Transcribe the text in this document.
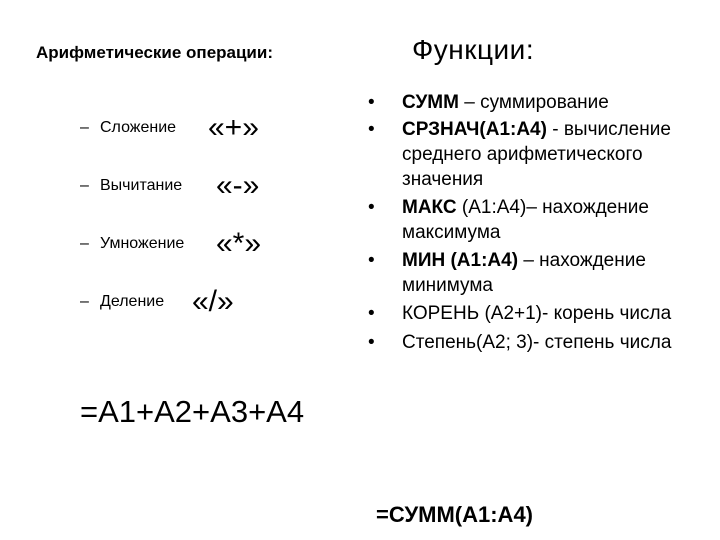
Арифметические операции:	Функции:
– Сложение «+»
– Вычитание «-»
– Умножение «*»
– Деление «/»
=A1+A2+A3+A4
• СУММ – суммирование
• СРЗНАЧ(А1:А4) - вычисление среднего арифметического значения
• МАКС (А1:А4)– нахождение максимума
• МИН (А1:А4) – нахождение минимума
• КОРЕНЬ (А2+1)- корень числа
• Степень(А2; 3)- степень числа
=СУММ(A1:A4)
